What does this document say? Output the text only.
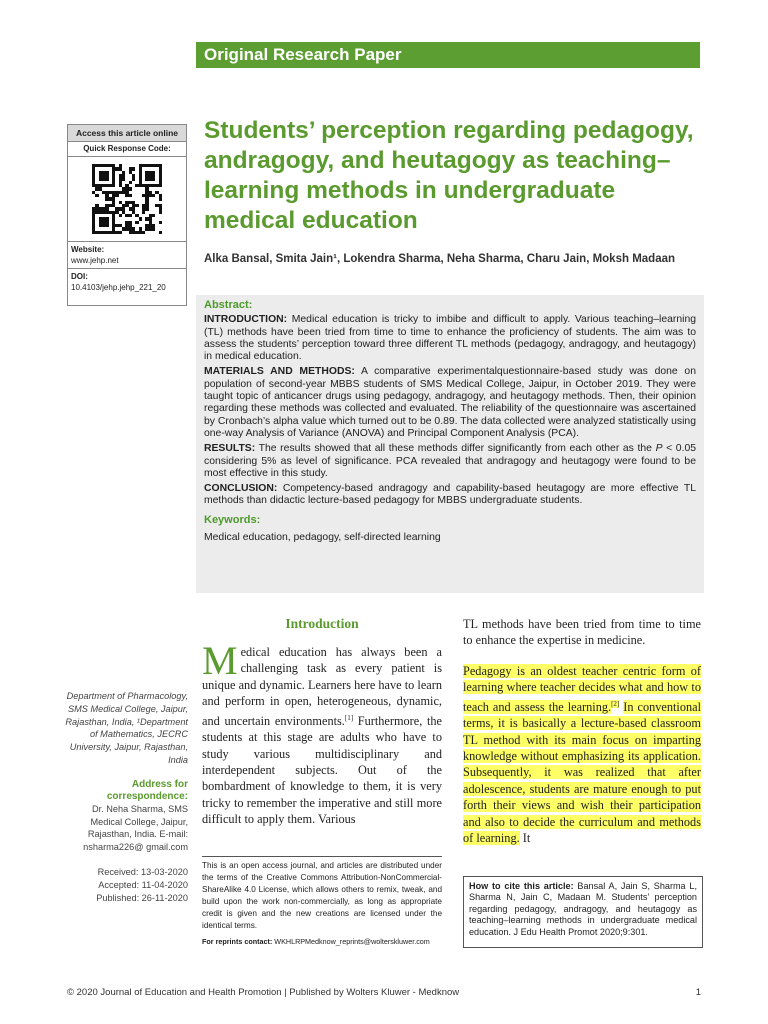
Original Research Paper
Access this article online
Quick Response Code:
Website:
www.jehp.net
DOI:
10.4103/jehp.jehp_221_20
Students’ perception regarding pedagogy, andragogy, and heutagogy as teaching–learning methods in undergraduate medical education
Alka Bansal, Smita Jain¹, Lokendra Sharma, Neha Sharma, Charu Jain, Moksh Madaan
Abstract:

INTRODUCTION: Medical education is tricky to imbibe and difficult to apply. Various teaching–learning (TL) methods have been tried from time to time to enhance the proficiency of students. The aim was to assess the students’ perception toward three different TL methods (pedagogy, andragogy, and heutagogy) in medical education.

MATERIALS AND METHODS: A comparative experimentalquestionnaire-based study was done on population of second-year MBBS students of SMS Medical College, Jaipur, in October 2019. They were taught topic of anticancer drugs using pedagogy, andragogy, and heutagogy methods. Then, their opinion regarding these methods was collected and evaluated. The reliability of the questionnaire was ascertained by Cronbach’s alpha value which turned out to be 0.89. The data collected were analyzed statistically using one-way Analysis of Variance (ANOVA) and Principal Component Analysis (PCA).

RESULTS: The results showed that all these methods differ significantly from each other as the P < 0.05 considering 5% as level of significance. PCA revealed that andragogy and heutagogy were found to be most effective in this study.

CONCLUSION: Competency-based andragogy and capability-based heutagogy are more effective TL methods than didactic lecture-based pedagogy for MBBS undergraduate students.

Keywords:

Medical education, pedagogy, self-directed learning

Department of Pharmacology, SMS Medical College, Jaipur, Rajasthan, India, ¹Department of Mathematics, JECRC University, Jaipur, Rajasthan, India
Address for correspondence:
Dr. Neha Sharma, SMS Medical College, Jaipur, Rajasthan, India. E-mail: nsharma226@ gmail.com
Received: 13-03-2020
Accepted: 11-04-2020
Published: 26-11-2020
Introduction

Medical education has always been a challenging task as every patient is unique and dynamic. Learners here have to learn and perform in open, heterogeneous, dynamic, and uncertain environments.[1] Furthermore, the students at this stage are adults who have to study various multidisciplinary and interdependent subjects. Out of the bombardment of knowledge to them, it is very tricky to remember the imperative and still more difficult to apply them. Various

TL methods have been tried from time to time to enhance the expertise in medicine.

Pedagogy is an oldest teacher centric form of learning where teacher decides what and how to teach and assess the learning.[2] In conventional terms, it is basically a lecture-based classroom TL method with its main focus on imparting knowledge without emphasizing its application. Subsequently, it was realized that after adolescence, students are mature enough to put forth their views and wish their participation and also to decide the curriculum and methods of learning. It

This is an open access journal, and articles are distributed under the terms of the Creative Commons Attribution-NonCommercial-ShareAlike 4.0 License, which allows others to remix, tweak, and build upon the work non-commercially, as long as appropriate credit is given and the new creations are licensed under the identical terms.
For reprints contact: WKHLRPMedknow_reprints@wolterskluwer.com
How to cite this article: Bansal A, Jain S, Sharma L, Sharma N, Jain C, Madaan M. Students’ perception regarding pedagogy, andragogy, and heutagogy as teaching–learning methods in undergraduate medical education. J Edu Health Promot 2020;9:301.
© 2020 Journal of Education and Health Promotion | Published by Wolters Kluwer - Medknow	1
